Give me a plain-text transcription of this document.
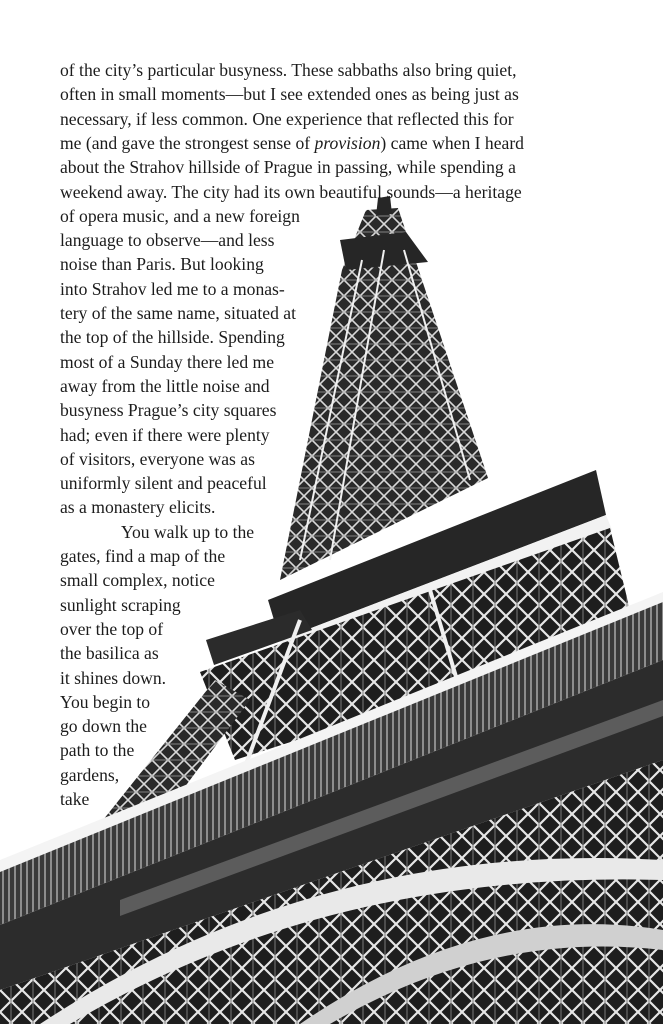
of the city’s particular busyness. These sabbaths also bring quiet,

often in small moments—but I see extended ones as being just as

necessary, if less common. One experience that reflected this for

me (and gave the strongest sense of provision) came when I heard

about the Strahov hillside of Prague in passing, while spending a

weekend away. The city had its own beautiful sounds—a heritage

of opera music, and a new foreign

language to observe—and less

noise than Paris. But looking

into Strahov led me to a monas-

tery of the same name, situated at

the top of the hillside. Spending

most of a Sunday there led me

away from the little noise and

busyness Prague’s city squares

had; even if there were plenty

of visitors, everyone was as

uniformly silent and peaceful

as a monastery elicits.

You walk up to the

gates, find a map of the

small complex, notice

sunlight scraping

over the top of

the basilica as

it shines down.

You begin to

go down the

path to the

gardens,

take
